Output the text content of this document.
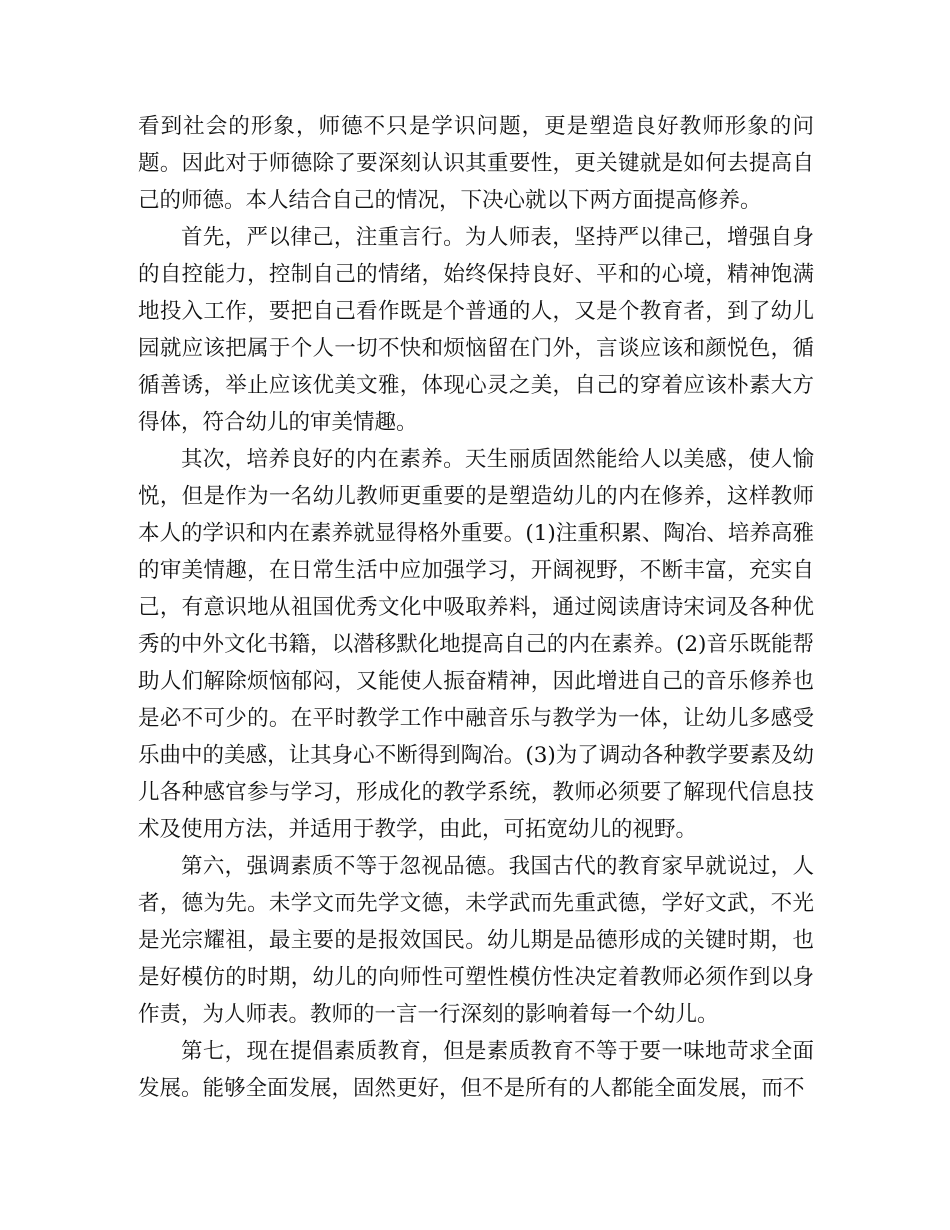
看到社会的形象，师德不只是学识问题，更是塑造良好教师形象的问题。因此对于师德除了要深刻认识其重要性，更关键就是如何去提高自己的师德。本人结合自己的情况，下决心就以下两方面提高修养。

首先，严以律己，注重言行。为人师表，坚持严以律己，增强自身的自控能力，控制自己的情绪，始终保持良好、平和的心境，精神饱满地投入工作，要把自己看作既是个普通的人，又是个教育者，到了幼儿园就应该把属于个人一切不快和烦恼留在门外，言谈应该和颜悦色，循循善诱，举止应该优美文雅，体现心灵之美，自己的穿着应该朴素大方得体，符合幼儿的审美情趣。

其次，培养良好的内在素养。天生丽质固然能给人以美感，使人愉悦，但是作为一名幼儿教师更重要的是塑造幼儿的内在修养，这样教师本人的学识和内在素养就显得格外重要。(1)注重积累、陶冶、培养高雅的审美情趣，在日常生活中应加强学习，开阔视野，不断丰富，充实自己，有意识地从祖国优秀文化中吸取养料，通过阅读唐诗宋词及各种优秀的中外文化书籍，以潜移默化地提高自己的内在素养。(2)音乐既能帮助人们解除烦恼郁闷，又能使人振奋精神，因此增进自己的音乐修养也是必不可少的。在平时教学工作中融音乐与教学为一体，让幼儿多感受乐曲中的美感，让其身心不断得到陶冶。(3)为了调动各种教学要素及幼儿各种感官参与学习，形成化的教学系统，教师必须要了解现代信息技术及使用方法，并适用于教学，由此，可拓宽幼儿的视野。

第六，强调素质不等于忽视品德。我国古代的教育家早就说过，人者，德为先。未学文而先学文德，未学武而先重武德，学好文武，不光是光宗耀祖，最主要的是报效国民。幼儿期是品德形成的关键时期，也是好模仿的时期，幼儿的向师性可塑性模仿性决定着教师必须作到以身作责，为人师表。教师的一言一行深刻的影响着每一个幼儿。

第七，现在提倡素质教育，但是素质教育不等于要一味地苛求全面发展。能够全面发展，固然更好，但不是所有的人都能全面发展，而不
